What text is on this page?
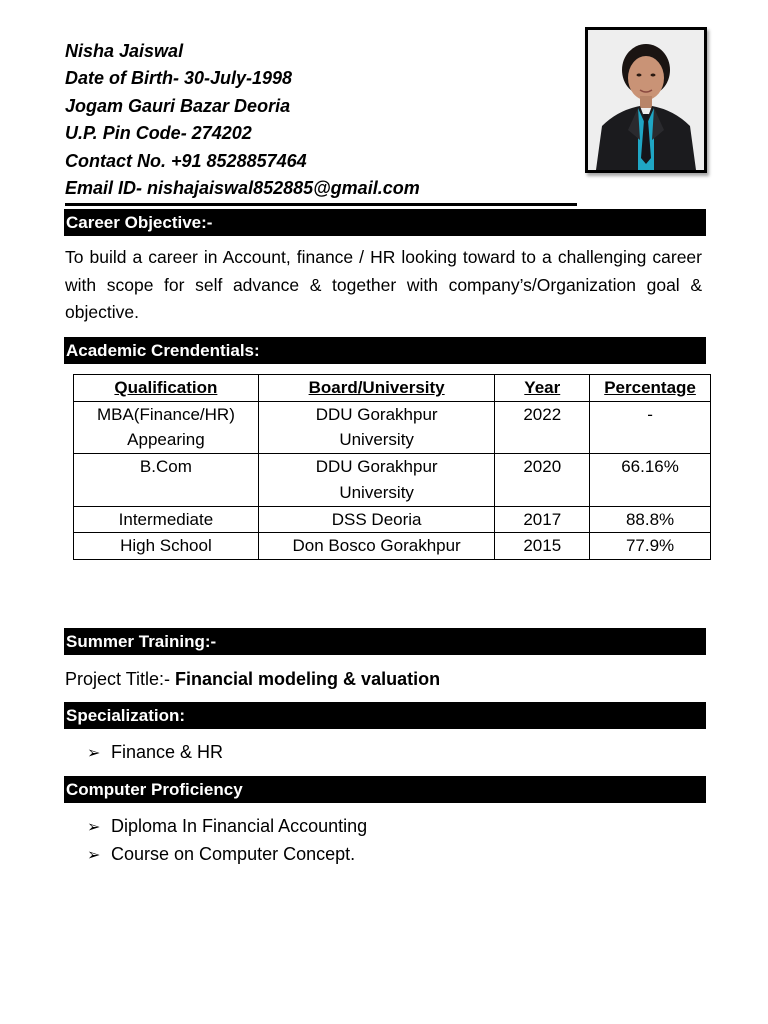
Nisha Jaiswal
Date of Birth- 30-July-1998
Jogam Gauri Bazar Deoria
U.P. Pin Code- 274202
Contact No. +91 8528857464
Email ID- nishajaiswal852885@gmail.com
Career Objective:-
To build a career in Account, finance / HR looking toward to a challenging career with scope for self advance & together with company’s/Organization goal & objective.
Academic Crendentials:
Qualification	Board/University	Year	Percentage
MBA(Finance/HR) Appearing	DDU Gorakhpur University	2022	-
B.Com	DDU Gorakhpur University	2020	66.16%
Intermediate	DSS Deoria	2017	88.8%
High School	Don Bosco Gorakhpur	2015	77.9%
Summer Training:-
Project Title:- Financial modeling & valuation
Specialization:
➢ Finance & HR
Computer Proficiency
➢ Diploma In Financial Accounting
➢ Course on Computer Concept.
